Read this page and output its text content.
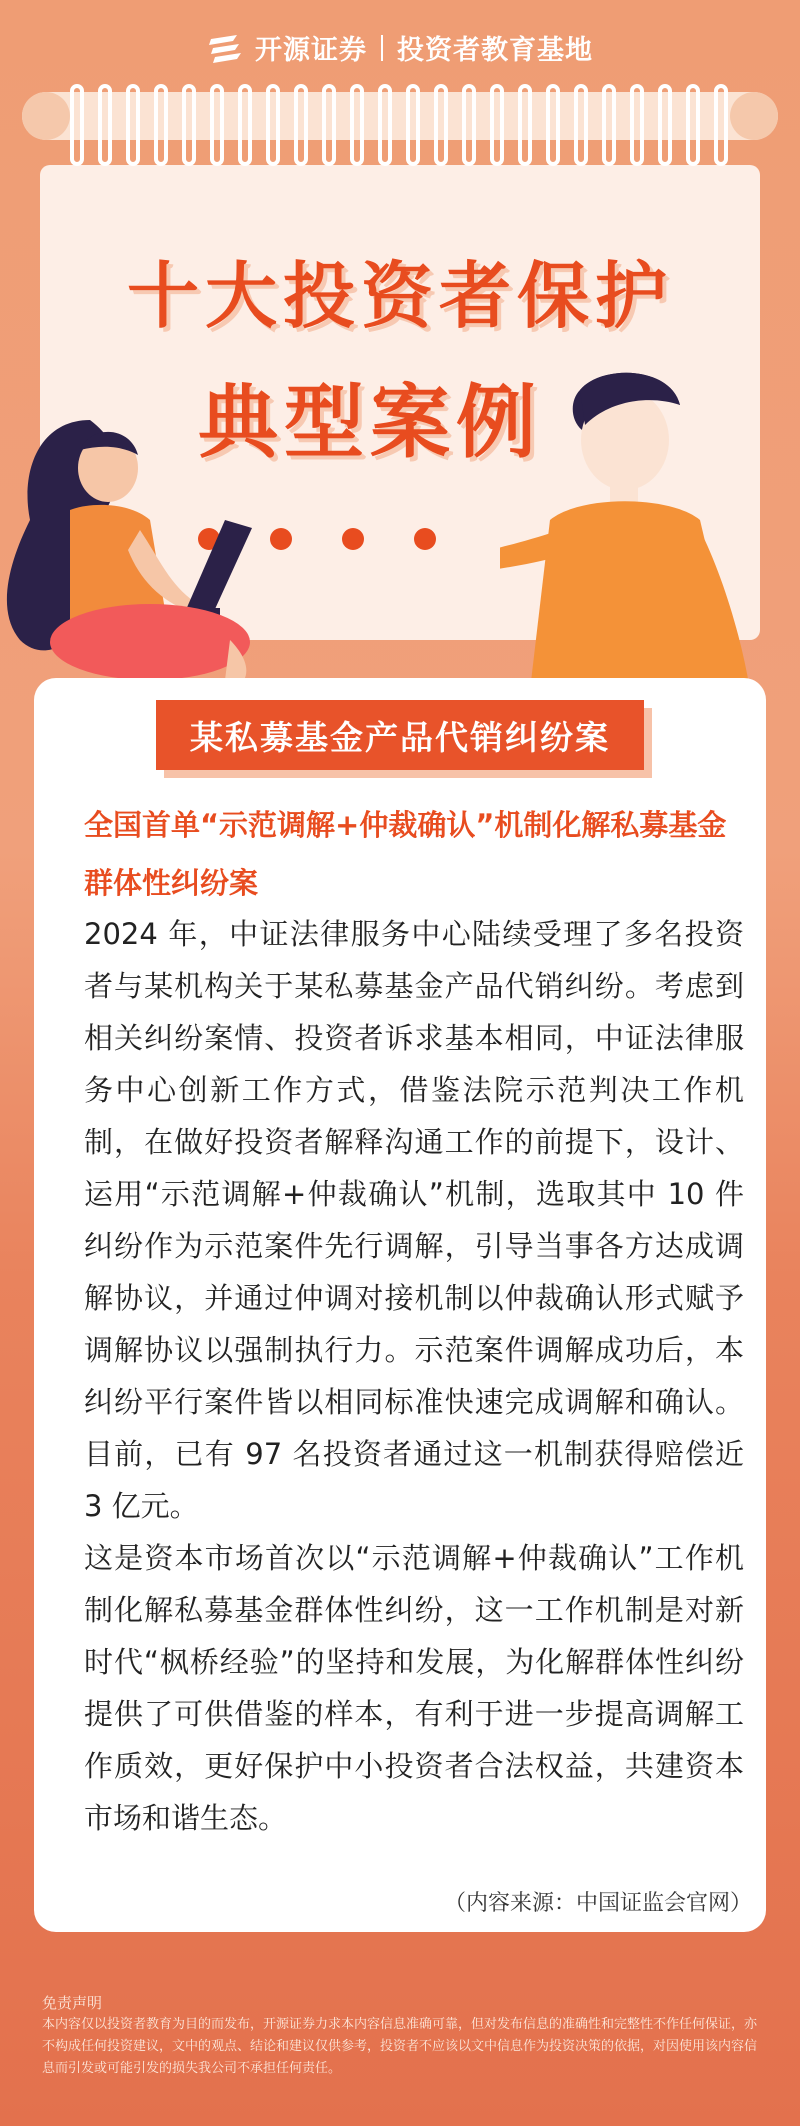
开源证券 投资者教育基地
十大投资者保护
典型案例
某私募基金产品代销纠纷案
全国首单“示范调解+仲裁确认”机制化解私募基金群体性纠纷案

2024 年，中证法律服务中心陆续受理了多名投资者与某机构关于某私募基金产品代销纠纷。考虑到相关纠纷案情、投资者诉求基本相同，中证法律服务中心创新工作方式，借鉴法院示范判决工作机制，在做好投资者解释沟通工作的前提下，设计、运用“示范调解+仲裁确认”机制，选取其中 10 件纠纷作为示范案件先行调解，引导当事各方达成调解协议，并通过仲调对接机制以仲裁确认形式赋予调解协议以强制执行力。示范案件调解成功后，本纠纷平行案件皆以相同标准快速完成调解和确认。目前，已有 97 名投资者通过这一机制获得赔偿近 3 亿元。

这是资本市场首次以“示范调解+仲裁确认”工作机制化解私募基金群体性纠纷，这一工作机制是对新时代“枫桥经验”的坚持和发展，为化解群体性纠纷提供了可供借鉴的样本，有利于进一步提高调解工作质效，更好保护中小投资者合法权益，共建资本市场和谐生态。

（内容来源：中国证监会官网）
免责声明
本内容仅以投资者教育为目的而发布，开源证券力求本内容信息准确可靠，但对发布信息的准确性和完整性不作任何保证，亦不构成任何投资建议，文中的观点、结论和建议仅供参考，投资者不应该以文中信息作为投资决策的依据，对因使用该内容信息而引发或可能引发的损失我公司不承担任何责任。
